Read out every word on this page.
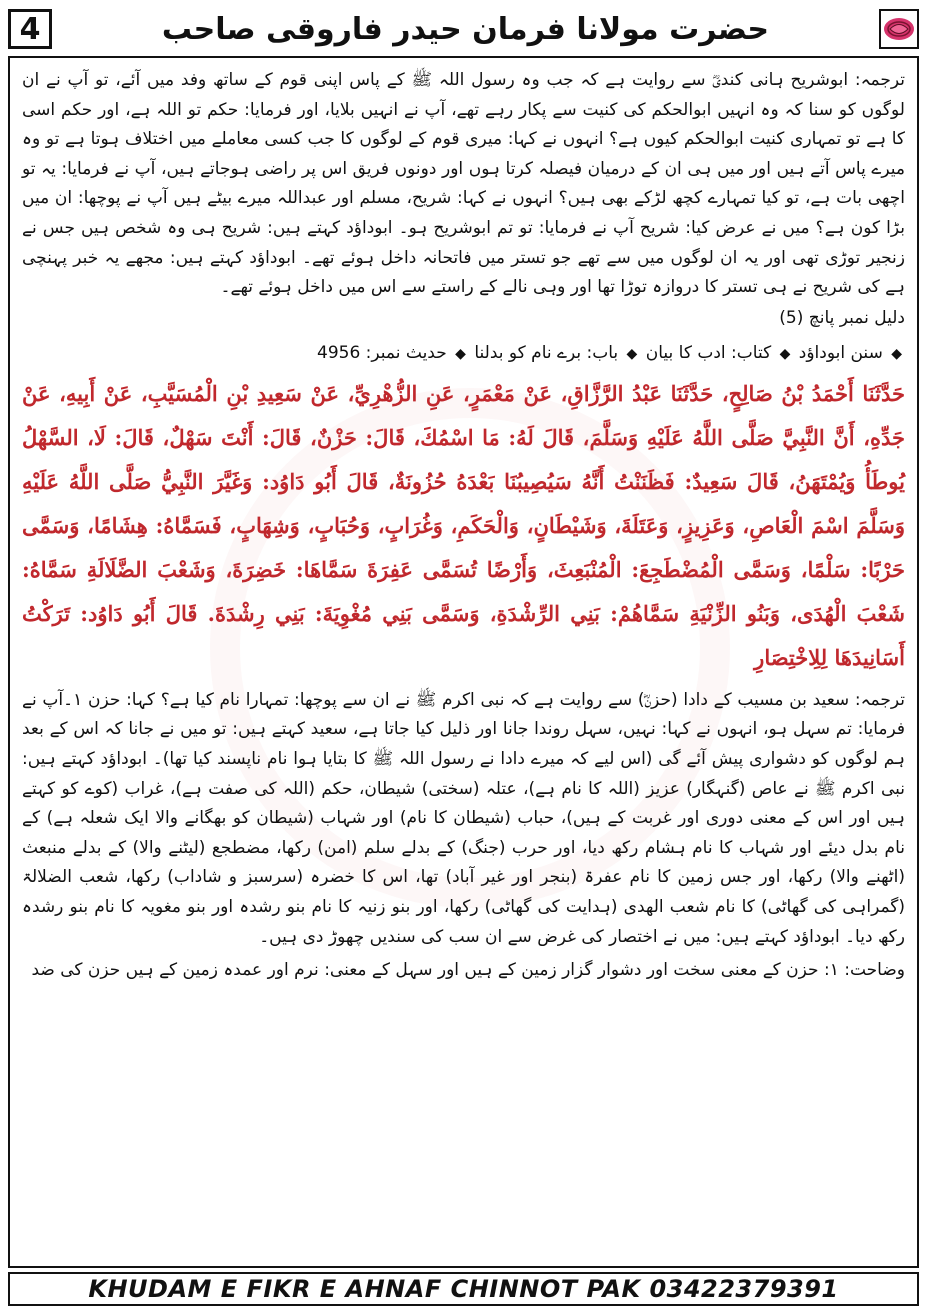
4	حضرت مولانا فرمان حیدر فاروقی صاحب

ترجمہ: ابوشریح ہانی کندیؓ سے روایت ہے کہ جب وہ رسول اللہ ﷺ کے پاس اپنی قوم کے ساتھ وفد میں آئے، تو آپ نے ان لوگوں کو سنا کہ وہ انہیں ابوالحکم کی کنیت سے پکار رہے تھے، آپ نے انہیں بلایا، اور فرمایا: حکم تو اللہ ہے، اور حکم اسی کا ہے تو تمہاری کنیت ابوالحکم کیوں ہے؟ انہوں نے کہا: میری قوم کے لوگوں کا جب کسی معاملے میں اختلاف ہوتا ہے تو وہ میرے پاس آتے ہیں اور میں ہی ان کے درمیان فیصلہ کرتا ہوں اور دونوں فریق اس پر راضی ہوجاتے ہیں، آپ نے فرمایا: یہ تو اچھی بات ہے، تو کیا تمہارے کچھ لڑکے بھی ہیں؟ انہوں نے کہا: شریح، مسلم اور عبداللہ میرے بیٹے ہیں آپ نے پوچھا: ان میں بڑا کون ہے؟ میں نے عرض کیا: شریح آپ نے فرمایا: تو تم ابوشریح ہو۔ ابوداؤد کہتے ہیں: شریح ہی وہ شخص ہیں جس نے زنجیر توڑی تھی اور یہ ان لوگوں میں سے تھے جو تستر میں فاتحانہ داخل ہوئے تھے۔ ابوداؤد کہتے ہیں: مجھے یہ خبر پہنچی ہے کی شریح نے ہی تستر کا دروازہ توڑا تھا اور وہی نالے کے راستے سے اس میں داخل ہوئے تھے۔

دلیل نمبر پانچ (5)

◆ سنن ابوداؤد ◆ کتاب: ادب کا بیان ◆ باب: برے نام کو بدلنا ◆ حدیث نمبر: 4956

حَدَّثَنَا أَحْمَدُ بْنُ صَالِحٍ، حَدَّثَنَا عَبْدُ الرَّزَّاقِ، عَنْ مَعْمَرٍ، عَنِ الزُّهْرِيِّ، عَنْ سَعِيدِ بْنِ الْمُسَيَّبِ، عَنْ أَبِيهِ، عَنْ جَدِّهِ، أَنَّ النَّبِيَّ صَلَّى اللَّهُ عَلَيْهِ وَسَلَّمَ، قَالَ لَهُ: مَا اسْمُكَ، قَالَ: حَزْنٌ، قَالَ: أَنْتَ سَهْلٌ، قَالَ: لَا، السَّهْلُ يُوطَأُ وَيُمْتَهَنُ، قَالَ سَعِيدٌ: فَظَنَنْتُ أَنَّهُ سَيُصِيبُنَا بَعْدَهُ حُزُونَةٌ، قَالَ أَبُو دَاوُد: وَغَيَّرَ النَّبِيُّ صَلَّى اللَّهُ عَلَيْهِ وَسَلَّمَ اسْمَ الْعَاصِ، وَعَزِيزٍ، وَعَتَلَةَ، وَشَيْطَانٍ، وَالْحَكَمِ، وَغُرَابٍ، وَحُبَابٍ، وَشِهَابٍ، فَسَمَّاهُ: هِشَامًا، وَسَمَّى حَرْبًا: سَلْمًا، وَسَمَّى الْمُضْطَجِعَ: الْمُنْبَعِثَ، وَأَرْضًا تُسَمَّى عَفِرَةَ سَمَّاهَا: خَضِرَةَ، وَشَعْبَ الضَّلَالَةِ سَمَّاهُ: شَعْبَ الْهُدَى، وَبَنُو الزِّنْيَةِ سَمَّاهُمْ: بَنِي الرِّشْدَةِ، وَسَمَّى بَنِي مُغْوِيَةَ: بَنِي رِشْدَةَ. قَالَ أَبُو دَاوُد: تَرَكْتُ أَسَانِيدَهَا لِلِاخْتِصَارِ

ترجمہ: سعید بن مسیب کے دادا (حزنؓ) سے روایت ہے کہ نبی اکرم ﷺ نے ان سے پوچھا: تمہارا نام کیا ہے؟ کہا: حزن ۱۔آپ نے فرمایا: تم سہل ہو، انہوں نے کہا: نہیں، سہل روندا جانا اور ذلیل کیا جاتا ہے، سعید کہتے ہیں: تو میں نے جانا کہ اس کے بعد ہم لوگوں کو دشواری پیش آئے گی (اس لیے کہ میرے دادا نے رسول اللہ ﷺ کا بتایا ہوا نام ناپسند کیا تھا)۔ ابوداؤد کہتے ہیں: نبی اکرم ﷺ نے عاص (گنہگار) عزیز (اللہ کا نام ہے)، عتلہ (سختی) شیطان، حکم (اللہ کی صفت ہے)، غراب (کوے کو کہتے ہیں اور اس کے معنی دوری اور غربت کے ہیں)، حباب (شیطان کا نام) اور شہاب (شیطان کو بھگانے والا ایک شعلہ ہے) کے نام بدل دیئے اور شہاب کا نام ہشام رکھ دیا، اور حرب (جنگ) کے بدلے سلم (امن) رکھا، مضطجع (لیٹنے والا) کے بدلے منبعث (اٹھنے والا) رکھا، اور جس زمین کا نام عفرۃ (بنجر اور غیر آباد) تھا، اس کا خضرہ (سرسبز و شاداب) رکھا، شعب الضلالۃ (گمراہی کی گھاٹی) کا نام شعب الھدی (ہدایت کی گھاٹی) رکھا، اور بنو زنیہ کا نام بنو رشدہ اور بنو مغویہ کا نام بنو رشدہ رکھ دیا۔ ابوداؤد کہتے ہیں: میں نے اختصار کی غرض سے ان سب کی سندیں چھوڑ دی ہیں۔

وضاحت: ۱: حزن کے معنی سخت اور دشوار گزار زمین کے ہیں اور سہل کے معنی: نرم اور عمدہ زمین کے ہیں حزن کی ضد

KHUDAM E FIKR E AHNAF CHINNOT PAK 03422379391
